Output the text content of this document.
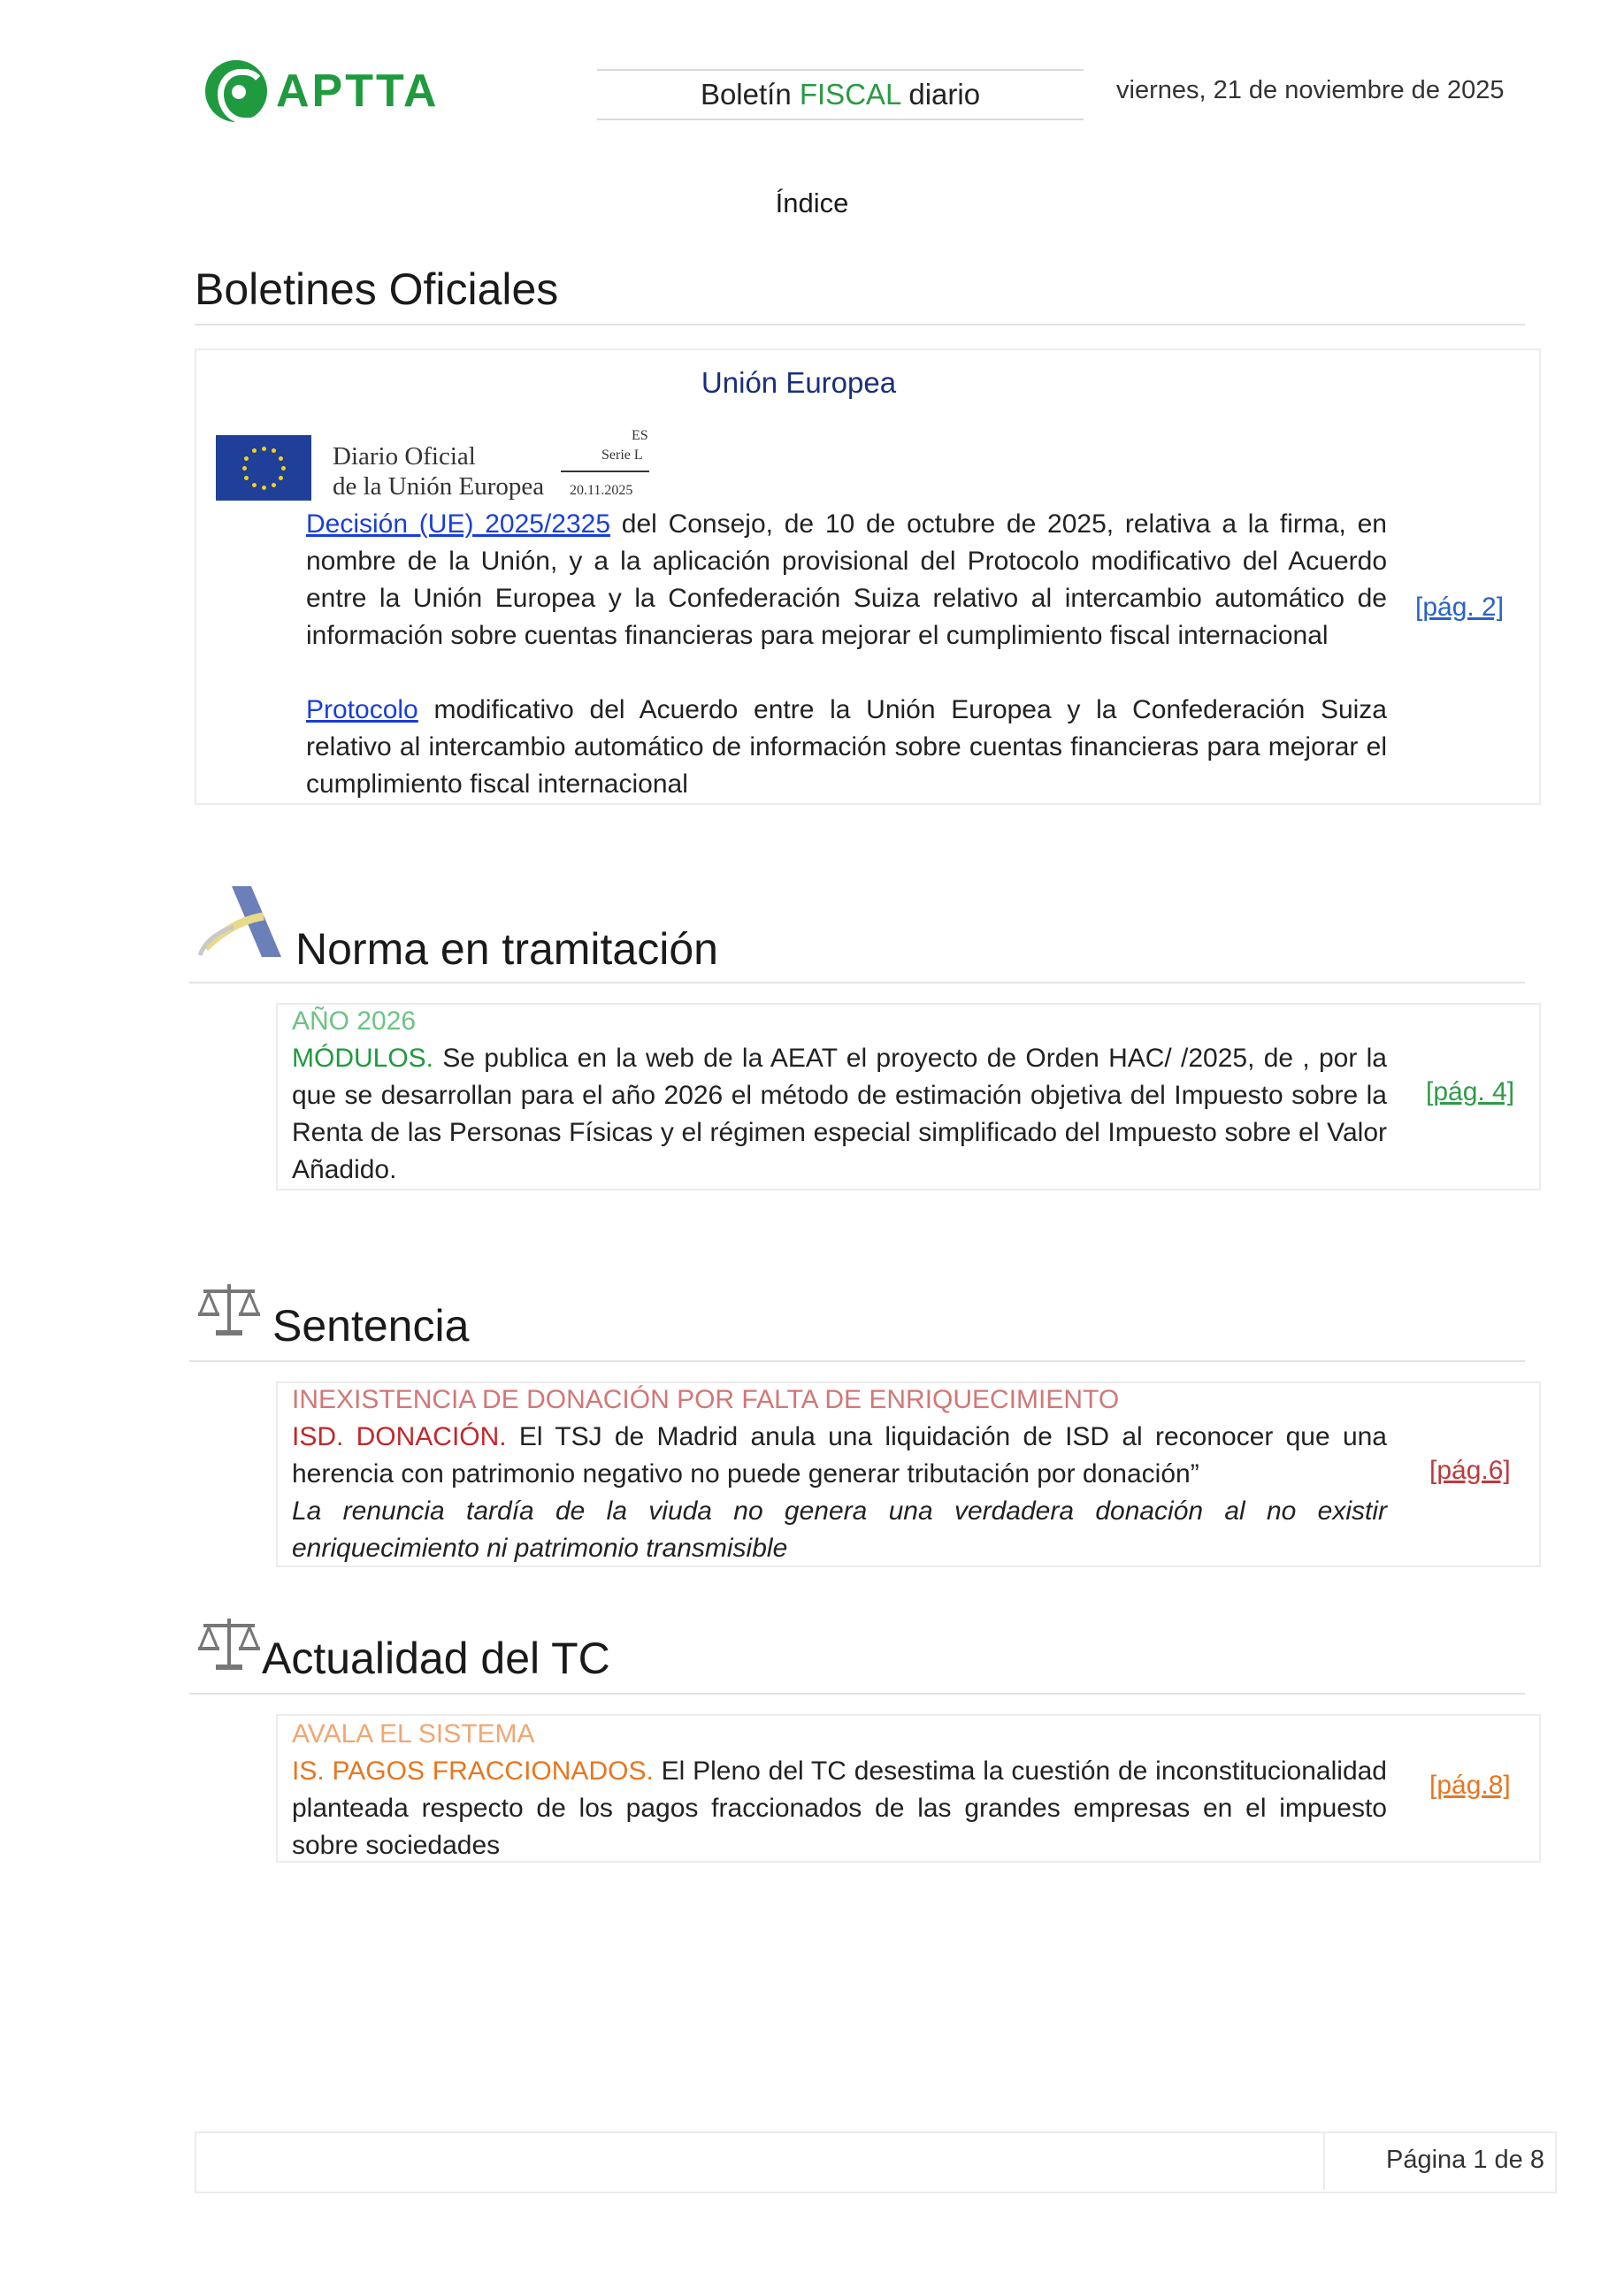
APTTA	Boletín FISCAL diario	viernes, 21 de noviembre de 2025
Índice
Boletines Oficiales
Unión Europea
Diario Oficial
de la Unión Europea
ES
Serie L
20.11.2025
Decisión (UE) 2025/2325 del Consejo, de 10 de octubre de 2025, relativa a la firma, en nombre de la Unión, y a la aplicación provisional del Protocolo modificativo del Acuerdo entre la Unión Europea y la Confederación Suiza relativo al intercambio automático de información sobre cuentas financieras para mejorar el cumplimiento fiscal internacional
Protocolo modificativo del Acuerdo entre la Unión Europea y la Confederación Suiza relativo al intercambio automático de información sobre cuentas financieras para mejorar el cumplimiento fiscal internacional
[pág. 2]
Norma en tramitación
AÑO 2026
MÓDULOS. Se publica en la web de la AEAT el proyecto de Orden HAC/ /2025, de , por la que se desarrollan para el año 2026 el método de estimación objetiva del Impuesto sobre la Renta de las Personas Físicas y el régimen especial simplificado del Impuesto sobre el Valor Añadido.
[pág. 4]
Sentencia
INEXISTENCIA DE DONACIÓN POR FALTA DE ENRIQUECIMIENTO
ISD. DONACIÓN. El TSJ de Madrid anula una liquidación de ISD al reconocer que una herencia con patrimonio negativo no puede generar tributación por donación”
La renuncia tardía de la viuda no genera una verdadera donación al no existir enriquecimiento ni patrimonio transmisible
[pág.6]
Actualidad del TC
AVALA EL SISTEMA
IS. PAGOS FRACCIONADOS. El Pleno del TC desestima la cuestión de inconstitucionalidad planteada respecto de los pagos fraccionados de las grandes empresas en el impuesto sobre sociedades
[pág.8]
Página 1 de 8
